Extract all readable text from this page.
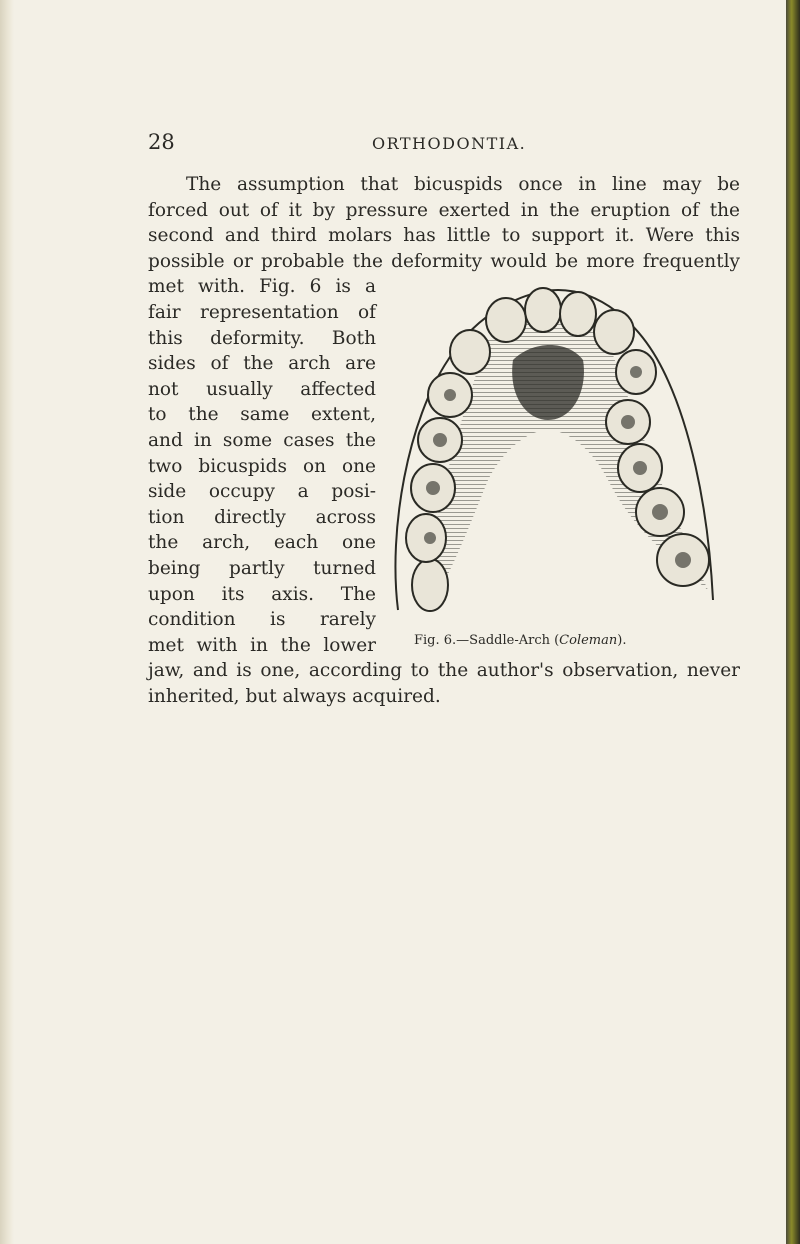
28	ORTHODONTIA.
The assumption that bicuspids once in line may be
forced out of it by pressure exerted in the eruption of the
second and third molars has little to support it. Were this
possible or probable the deformity would be more frequently
met with. Fig. 6 is a
fair representation of
this deformity. Both
sides of the arch are
not usually affected
to the same extent,
and in some cases the
two bicuspids on one
side occupy a posi-
tion directly across
the arch, each one
being partly turned
upon its axis. The
condition is rarely
met with in the lower
jaw, and is one, according to the author's observation, never
inherited, but always acquired.
Fig. 6.—Saddle-Arch (Coleman).
